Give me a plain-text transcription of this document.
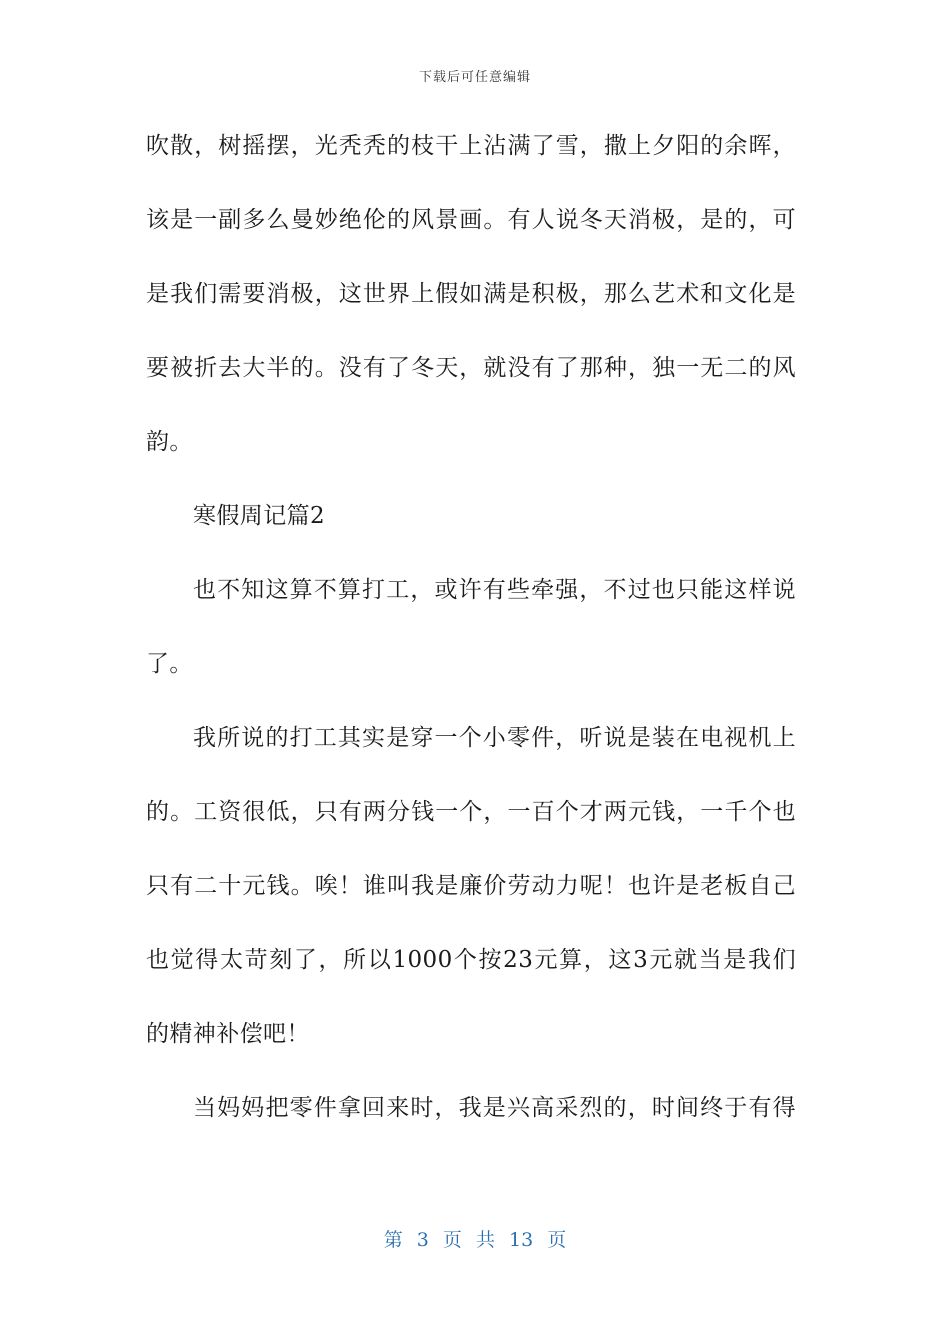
下载后可任意编辑
吹散，树摇摆，光秃秃的枝干上沾满了雪，撒上夕阳的余晖，
该是一副多么曼妙绝伦的风景画。有人说冬天消极，是的，可
是我们需要消极，这世界上假如满是积极，那么艺术和文化是
要被折去大半的。没有了冬天，就没有了那种，独一无二的风
韵。
寒假周记篇2
也不知这算不算打工，或许有些牵强，不过也只能这样说
了。
我所说的打工其实是穿一个小零件，听说是装在电视机上
的。工资很低，只有两分钱一个，一百个才两元钱，一千个也
只有二十元钱。唉！谁叫我是廉价劳动力呢！也许是老板自己
也觉得太苛刻了，所以1000个按23元算，这3元就当是我们
的精神补偿吧！
当妈妈把零件拿回来时，我是兴高采烈的，时间终于有得
第 3 页 共 13 页
